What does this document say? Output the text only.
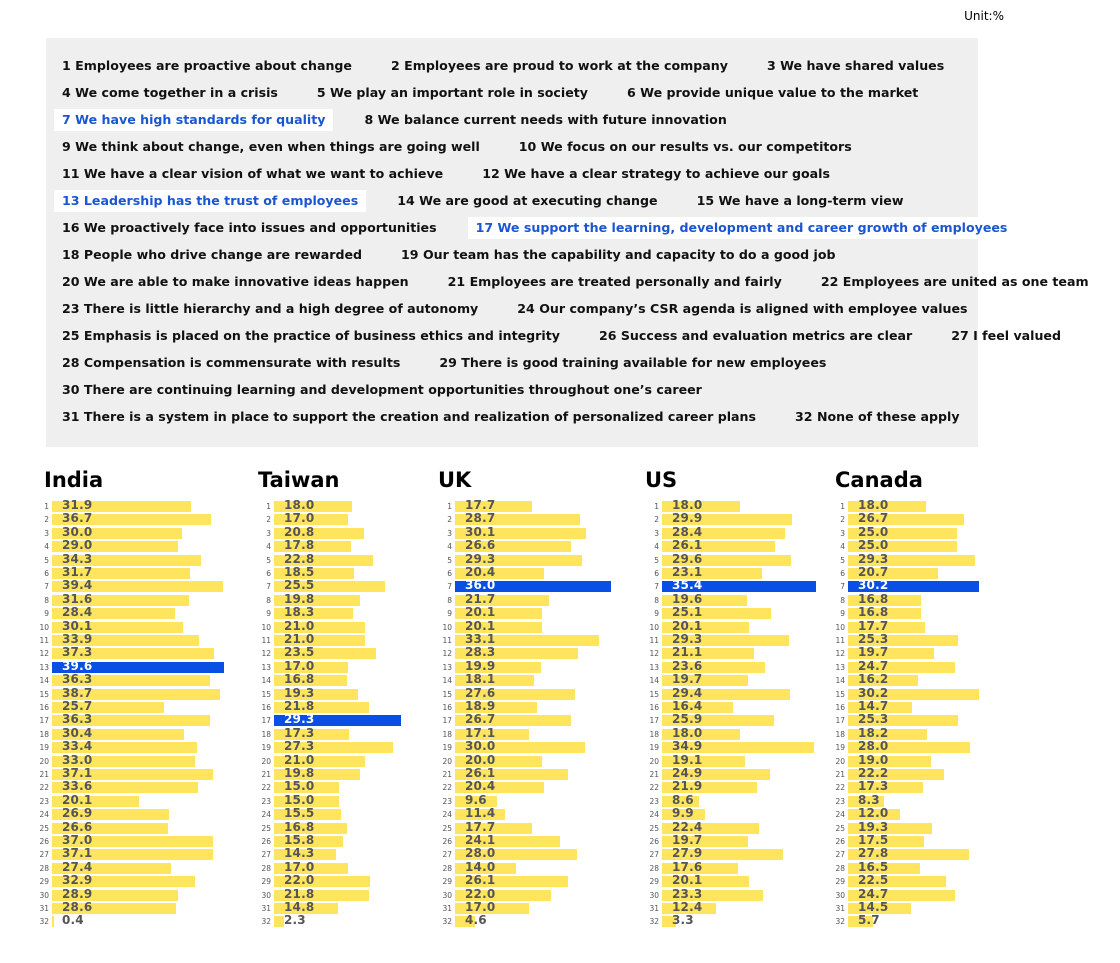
Unit:%
1 Employees are proactive about change	2 Employees are proud to work at the company	3 We have shared values
4 We come together in a crisis	5 We play an important role in society	6 We provide unique value to the market
7 We have high standards for quality	8 We balance current needs with future innovation
9 We think about change, even when things are going well	10 We focus on our results vs. our competitors
11 We have a clear vision of what we want to achieve	12 We have a clear strategy to achieve our goals
13 Leadership has the trust of employees	14 We are good at executing change	15 We have a long-term view
16 We proactively face into issues and opportunities	17 We support the learning, development and career growth of employees
18 People who drive change are rewarded	19 Our team has the capability and capacity to do a good job
20 We are able to make innovative ideas happen	21 Employees are treated personally and fairly	22 Employees are united as one team
23 There is little hierarchy and a high degree of autonomy	24 Our company’s CSR agenda is aligned with employee values
25 Emphasis is placed on the practice of business ethics and integrity	26 Success and evaluation metrics are clear	27 I feel valued
28 Compensation is commensurate with results	29 There is good training available for new employees
30 There are continuing learning and development opportunities throughout one’s career
31 There is a system in place to support the creation and realization of personalized career plans	32 None of these apply
India
1 31.9
2 36.7
3 30.0
4 29.0
5 34.3
6 31.7
7 39.4
8 31.6
9 28.4
10 30.1
11 33.9
12 37.3
13 39.6
14 36.3
15 38.7
16 25.7
17 36.3
18 30.4
19 33.4
20 33.0
21 37.1
22 33.6
23 20.1
24 26.9
25 26.6
26 37.0
27 37.1
28 27.4
29 32.9
30 28.9
31 28.6
32 0.4
Taiwan
1 18.0
2 17.0
3 20.8
4 17.8
5 22.8
6 18.5
7 25.5
8 19.8
9 18.3
10 21.0
11 21.0
12 23.5
13 17.0
14 16.8
15 19.3
16 21.8
17 29.3
18 17.3
19 27.3
20 21.0
21 19.8
22 15.0
23 15.0
24 15.5
25 16.8
26 15.8
27 14.3
28 17.0
29 22.0
30 21.8
31 14.8
32 2.3
UK
1 17.7
2 28.7
3 30.1
4 26.6
5 29.3
6 20.4
7 36.0
8 21.7
9 20.1
10 20.1
11 33.1
12 28.3
13 19.9
14 18.1
15 27.6
16 18.9
17 26.7
18 17.1
19 30.0
20 20.0
21 26.1
22 20.4
23 9.6
24 11.4
25 17.7
26 24.1
27 28.0
28 14.0
29 26.1
30 22.0
31 17.0
32 4.6
US
1 18.0
2 29.9
3 28.4
4 26.1
5 29.6
6 23.1
7 35.4
8 19.6
9 25.1
10 20.1
11 29.3
12 21.1
13 23.6
14 19.7
15 29.4
16 16.4
17 25.9
18 18.0
19 34.9
20 19.1
21 24.9
22 21.9
23 8.6
24 9.9
25 22.4
26 19.7
27 27.9
28 17.6
29 20.1
30 23.3
31 12.4
32 3.3
Canada
1 18.0
2 26.7
3 25.0
4 25.0
5 29.3
6 20.7
7 30.2
8 16.8
9 16.8
10 17.7
11 25.3
12 19.7
13 24.7
14 16.2
15 30.2
16 14.7
17 25.3
18 18.2
19 28.0
20 19.0
21 22.2
22 17.3
23 8.3
24 12.0
25 19.3
26 17.5
27 27.8
28 16.5
29 22.5
30 24.7
31 14.5
32 5.7
